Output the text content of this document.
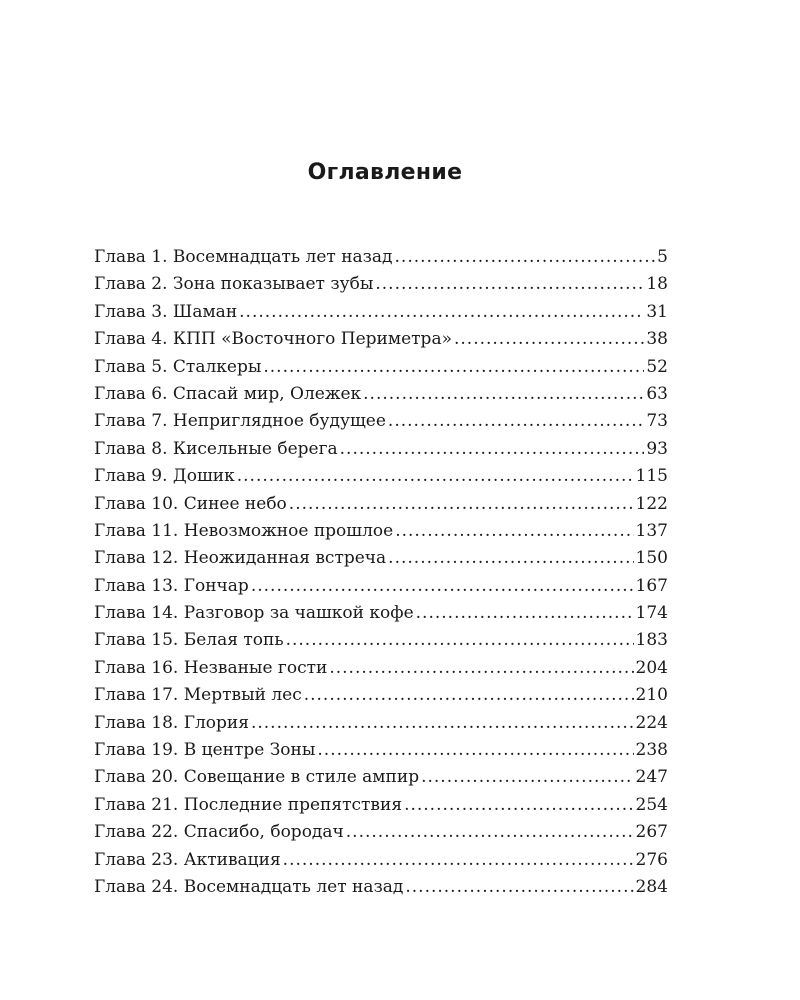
Оглавление
Глава 1. Восемнадцать лет назад .....	5
Глава 2. Зона показывает зубы .....	18
Глава 3. Шаман .....	31
Глава 4. КПП «Восточного Периметра» .....	38
Глава 5. Сталкеры .....	52
Глава 6. Спасай мир, Олежек .....	63
Глава 7. Неприглядное будущее .....	73
Глава 8. Кисельные берега .....	93
Глава 9. Дошик .....	115
Глава 10. Синее небо .....	122
Глава 11. Невозможное прошлое .....	137
Глава 12. Неожиданная встреча .....	150
Глава 13. Гончар .....	167
Глава 14. Разговор за чашкой кофе .....	174
Глава 15. Белая топь .....	183
Глава 16. Незваные гости .....	204
Глава 17. Мертвый лес .....	210
Глава 18. Глория .....	224
Глава 19. В центре Зоны .....	238
Глава 20. Совещание в стиле ампир .....	247
Глава 21. Последние препятствия .....	254
Глава 22. Спасибо, бородач .....	267
Глава 23. Активация .....	276
Глава 24. Восемнадцать лет назад .....	284
